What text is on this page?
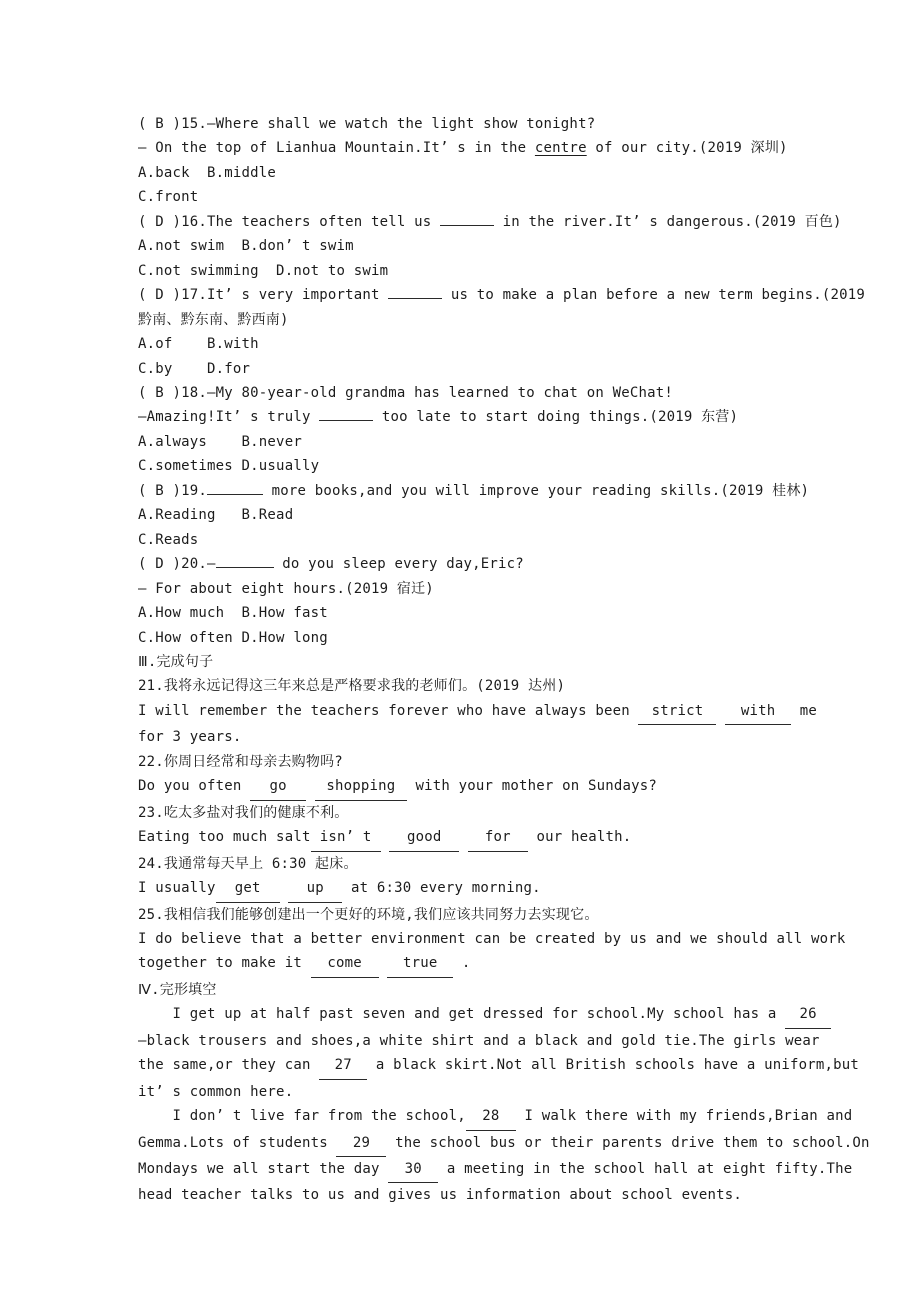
( B )15.—Where shall we watch the light show tonight?
— On the top of Lianhua Mountain.It’ s in the centre of our city.(2019 深圳)
A.back  B.middle
C.front
( D )16.The teachers often tell us	in the river.It’ s dangerous.(2019 百色)
A.not swim  B.don’ t swim
C.not swimming  D.not to swim
( D )17.It’ s very important	us to make a plan before a new term begins.(2019
黔南、黔东南、黔西南)
A.of    B.with
C.by    D.for
( B )18.—My 80-year-old grandma has learned to chat on WeChat!
—Amazing!It’ s truly	too late to start doing things.(2019 东营)
A.always    B.never
C.sometimes D.usually
( B )19.	more books,and you will improve your reading skills.(2019 桂林)
A.Reading   B.Read
C.Reads
( D )20.—	do you sleep every day,Eric?
— For about eight hours.(2019 宿迁)
A.How much  B.How fast
C.How often D.How long
Ⅲ.完成句子
21.我将永远记得这三年来总是严格要求我的老师们。(2019 达州)
I will remember the teachers forever who have always been strict	with me
for 3 years.
22.你周日经常和母亲去购物吗?
Do you often go	shopping with your mother on Sundays?
23.吃太多盐对我们的健康不利。
Eating too much salt isn’ t	good	for our health.
24.我通常每天早上 6:30 起床。
I usually get	up at 6:30 every morning.
25.我相信我们能够创建出一个更好的环境,我们应该共同努力去实现它。
I do believe that a better environment can be created by us and we should all work
together to make it come	true .
Ⅳ.完形填空
I get up at half past seven and get dressed for school.My school has a 26
—black trousers and shoes,a white shirt and a black and gold tie.The girls wear
the same,or they can 27 a black skirt.Not all British schools have a uniform,but
it’ s common here.
I don’ t live far from the school, 28 I walk there with my friends,Brian and
Gemma.Lots of students 29 the school bus or their parents drive them to school.On
Mondays we all start the day 30 a meeting in the school hall at eight fifty.The
head teacher talks to us and gives us information about school events.
